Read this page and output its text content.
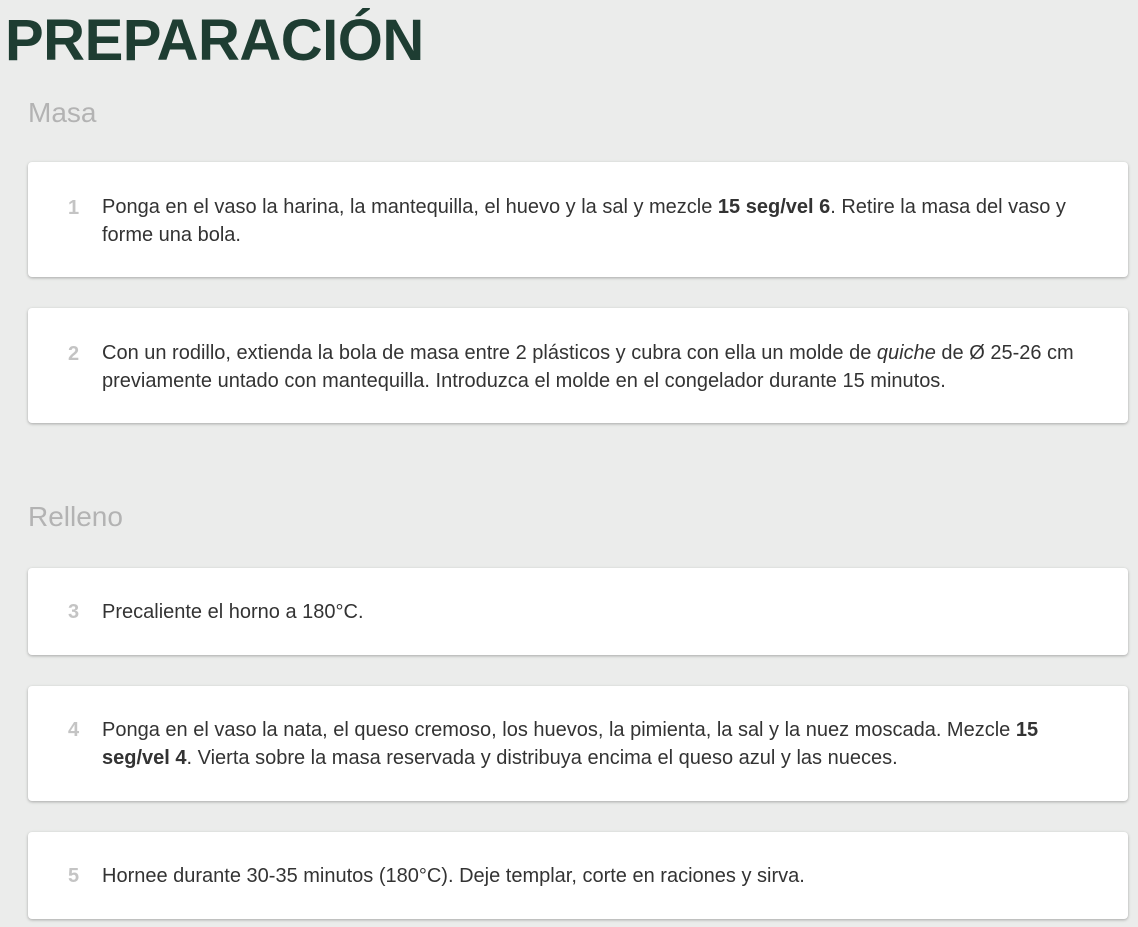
PREPARACIÓN
Masa
1 Ponga en el vaso la harina, la mantequilla, el huevo y la sal y mezcle 15 seg/vel 6. Retire la masa del vaso y forme una bola.
2 Con un rodillo, extienda la bola de masa entre 2 plásticos y cubra con ella un molde de quiche de Ø 25-26 cm previamente untado con mantequilla. Introduzca el molde en el congelador durante 15 minutos.
Relleno
3 Precaliente el horno a 180°C.
4 Ponga en el vaso la nata, el queso cremoso, los huevos, la pimienta, la sal y la nuez moscada. Mezcle 15 seg/vel 4. Vierta sobre la masa reservada y distribuya encima el queso azul y las nueces.
5 Hornee durante 30-35 minutos (180°C). Deje templar, corte en raciones y sirva.
